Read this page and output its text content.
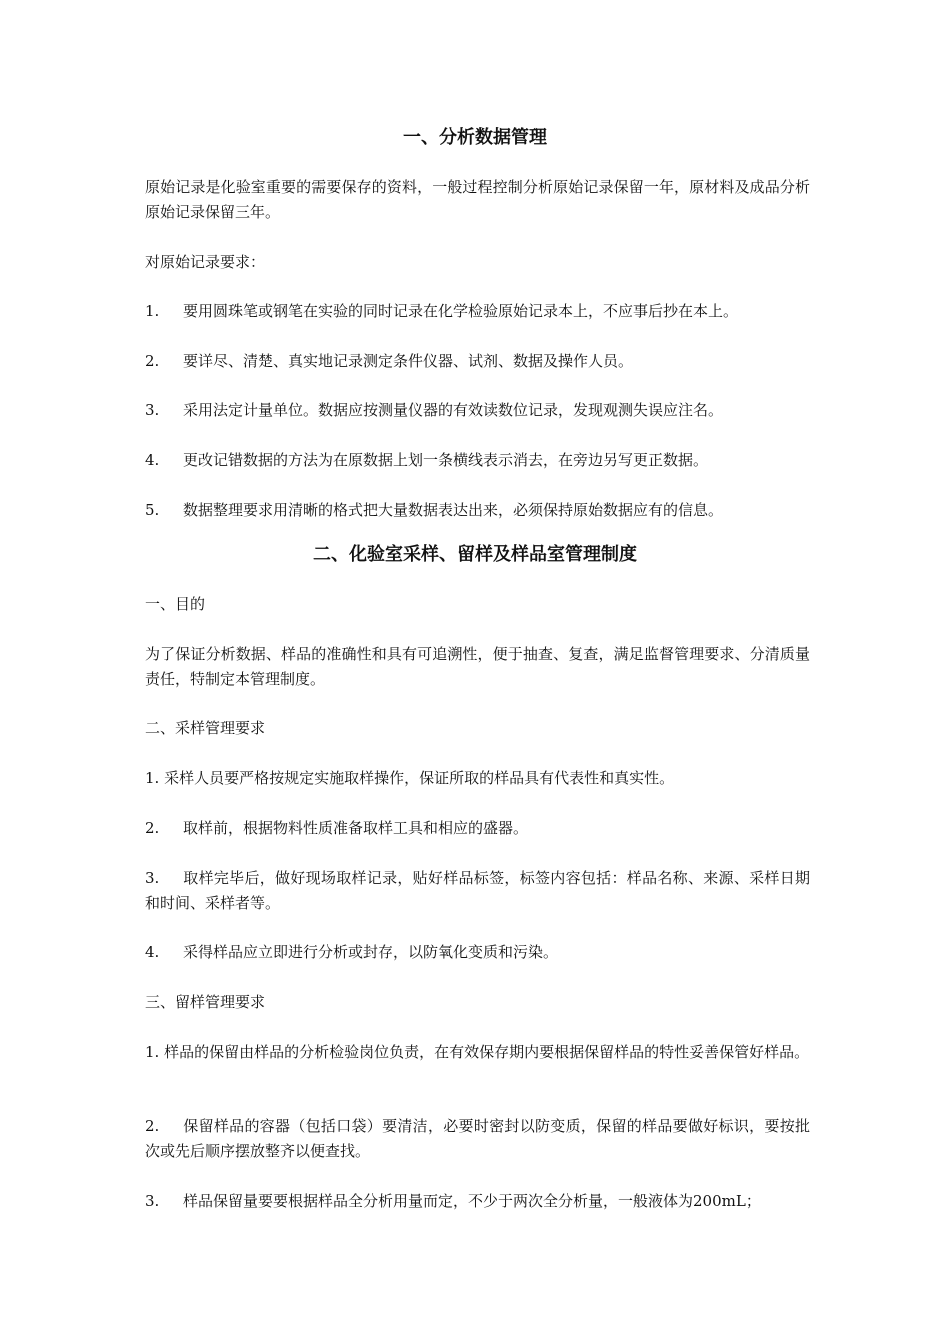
一、分析数据管理

原始记录是化验室重要的需要保存的资料，一般过程控制分析原始记录保留一年，原材料及成品分析原始记录保留三年。

对原始记录要求：

1. 要用圆珠笔或钢笔在实验的同时记录在化学检验原始记录本上，不应事后抄在本上。
2. 要详尽、清楚、真实地记录测定条件仪器、试剂、数据及操作人员。
3. 采用法定计量单位。数据应按测量仪器的有效读数位记录，发现观测失误应注名。
4. 更改记错数据的方法为在原数据上划一条横线表示消去，在旁边另写更正数据。
5. 数据整理要求用清晰的格式把大量数据表达出来，必须保持原始数据应有的信息。
二、化验室采样、留样及样品室管理制度

一、目的

为了保证分析数据、样品的准确性和具有可追溯性，便于抽查、复查，满足监督管理要求、分清质量责任，特制定本管理制度。

二、采样管理要求

1. 采样人员要严格按规定实施取样操作，保证所取的样品具有代表性和真实性。
2. 取样前，根据物料性质准备取样工具和相应的盛器。
3. 取样完毕后，做好现场取样记录，贴好样品标签，标签内容包括：样品名称、来源、采样日期和时间、采样者等。
4. 采得样品应立即进行分析或封存，以防氧化变质和污染。

三、留样管理要求

1. 样品的保留由样品的分析检验岗位负责，在有效保存期内要根据保留样品的特性妥善保管好样品。
2. 保留样品的容器（包括口袋）要清洁，必要时密封以防变质，保留的样品要做好标识，要按批次或先后顺序摆放整齐以便查找。
3. 样品保留量要要根据样品全分析用量而定，不少于两次全分析量，一般液体为200mL；
